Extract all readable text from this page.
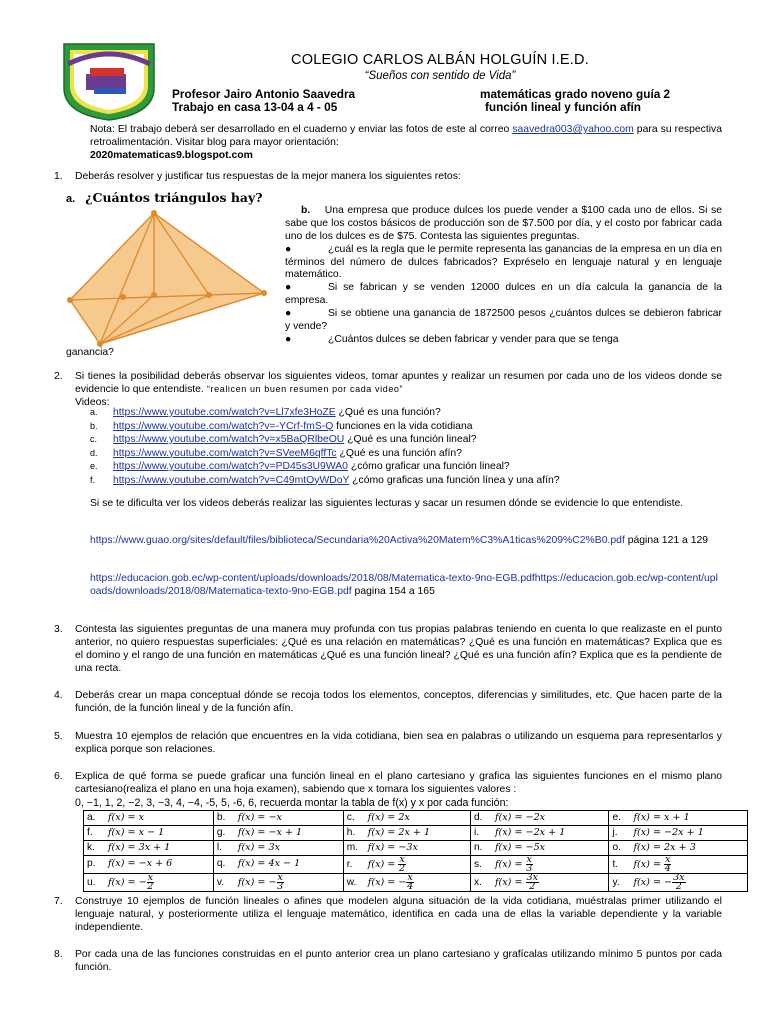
COLEGIO CARLOS ALBÁN HOLGUÍN I.E.D.
“Sueños con sentido de Vida”
Profesor Jairo Antonio Saavedra	matemáticas grado noveno guía 2
Trabajo en casa 13-04 a 4 - 05	función lineal y función afín
Nota: El trabajo deberá ser desarrollado en el cuaderno y enviar las fotos de este al correo saavedra003@yahoo.com para su respectiva retroalimentación. Visitar blog para mayor orientación:
2020matematicas9.blogspot.com
1. Deberás resolver y justificar tus respuestas de la mejor manera los siguientes retos:
a. ¿Cuántos triángulos hay?
b. Una empresa que produce dulces los puede vender a $100 cada uno de ellos. Si se sabe que los costos básicos de producción son de $7.500 por día, y el costo por fabricar cada uno de los dulces es de $75. Contesta las siguientes preguntas.
●	¿cuál es la regla que le permite representa las ganancias de la empresa en un día en términos del número de dulces fabricados? Expréselo en lenguaje natural y en lenguaje matemático.
●	Si se fabrican y se venden 12000 dulces en un día calcula la ganancia de la empresa.
●	Si se obtiene una ganancia de 1872500 pesos ¿cuántos dulces se debieron fabricar y vende?
●	¿Cuántos dulces se deben fabricar y vender para que se tenga
ganancia?
2. Si tienes la posibilidad deberás observar los siguientes videos, tomar apuntes y realizar un resumen por cada uno de los videos donde se evidencie lo que entendiste. “realicen un buen resumen por cada video”
Videos:
a. https://www.youtube.com/watch?v=Ll7xfe3HoZE ¿Qué es una función?
b. https://www.youtube.com/watch?v=-YCrf-fmS-Q funciones en la vida cotidiana
c. https://www.youtube.com/watch?v=x5BaQRlbeOU ¿Qué es una función lineal?
d. https://www.youtube.com/watch?v=SVeeM6qffTc ¿Qué es una función afín?
e. https://www.youtube.com/watch?v=PD45s3U9WA0 ¿cómo graficar una función lineal?
f. https://www.youtube.com/watch?v=C49mtOyWDoY ¿cómo graficas una función línea y una afín?
Si se te dificulta ver los videos deberás realizar las siguientes lecturas y sacar un resumen dónde se evidencie lo que entendiste.
https://www.guao.org/sites/default/files/biblioteca/Secundaria%20Activa%20Matem%C3%A1ticas%209%C2%B0.pdf página 121 a 129
https://educacion.gob.ec/wp-content/uploads/downloads/2018/08/Matematica-texto-9no-EGB.pdfhttps://educacion.gob.ec/wp-content/uploads/downloads/2018/08/Matematica-texto-9no-EGB.pdf pagina 154 a 165
3. Contesta las siguientes preguntas de una manera muy profunda con tus propias palabras teniendo en cuenta lo que realizaste en el punto anterior, no quiero respuestas superficiales: ¿Qué es una relación en matemáticas? ¿Qué es una función en matemáticas? Explica que es el domino y el rango de una función en matemáticas ¿Qué es una función lineal? ¿Qué es una función afín? Explica que es la pendiente de una recta.
4. Deberás crear un mapa conceptual dónde se recoja todos los elementos, conceptos, diferencias y similitudes, etc. Que hacen parte de la función, de la función lineal y de la función afín.
5. Muestra 10 ejemplos de relación que encuentres en la vida cotidiana, bien sea en palabras o utilizando un esquema para representarlos y explica porque son relaciones.
6. Explica de qué forma se puede graficar una función lineal en el plano cartesiano y grafica las siguientes funciones en el mismo plano cartesiano(realiza el plano en una hoja examen), sabiendo que x tomara los siguientes valores :
0, −1, 1, 2, −2, 3, −3, 4, −4, -5, 5, -6, 6, recuerda montar la tabla de f(x) y x por cada función:
a. f(x) = x	b. f(x) = −x	c. f(x) = 2x	d. f(x) = −2x	e. f(x) = x + 1
f. f(x) = x − 1	g. f(x) = −x + 1	h. f(x) = 2x + 1	i. f(x) = −2x + 1	j. f(x) = −2x + 1
k. f(x) = 3x + 1	l. f(x) = 3x	m. f(x) = −3x	n. f(x) = −5x	o. f(x) = 2x + 3
p. f(x) = −x + 6	q. f(x) = 4x − 1	r. $f(x) = \frac{x}{2}$	s. $f(x) = \frac{x}{3}$	t. $f(x) = \frac{x}{4}$

u. f(x) = − $\frac{x}{2}$	v. f(x) = − $\frac{x}{3}$	w. f(x) = − $\frac{x}{4}$	x. $f(x) = \frac{3x}{2}$	y. f(x) = − $\frac{3x}{2}$
7. Construye 10 ejemplos de función lineales o afines que modelen alguna situación de la vida cotidiana, muéstralas primer utilizando el lenguaje natural, y posteriormente utiliza el lenguaje matemático, identifica en cada una de ellas la variable dependiente y la variable independiente.
8. Por cada una de las funciones construidas en el punto anterior crea un plano cartesiano y grafícalas utilizando mínimo 5 puntos por cada función.
